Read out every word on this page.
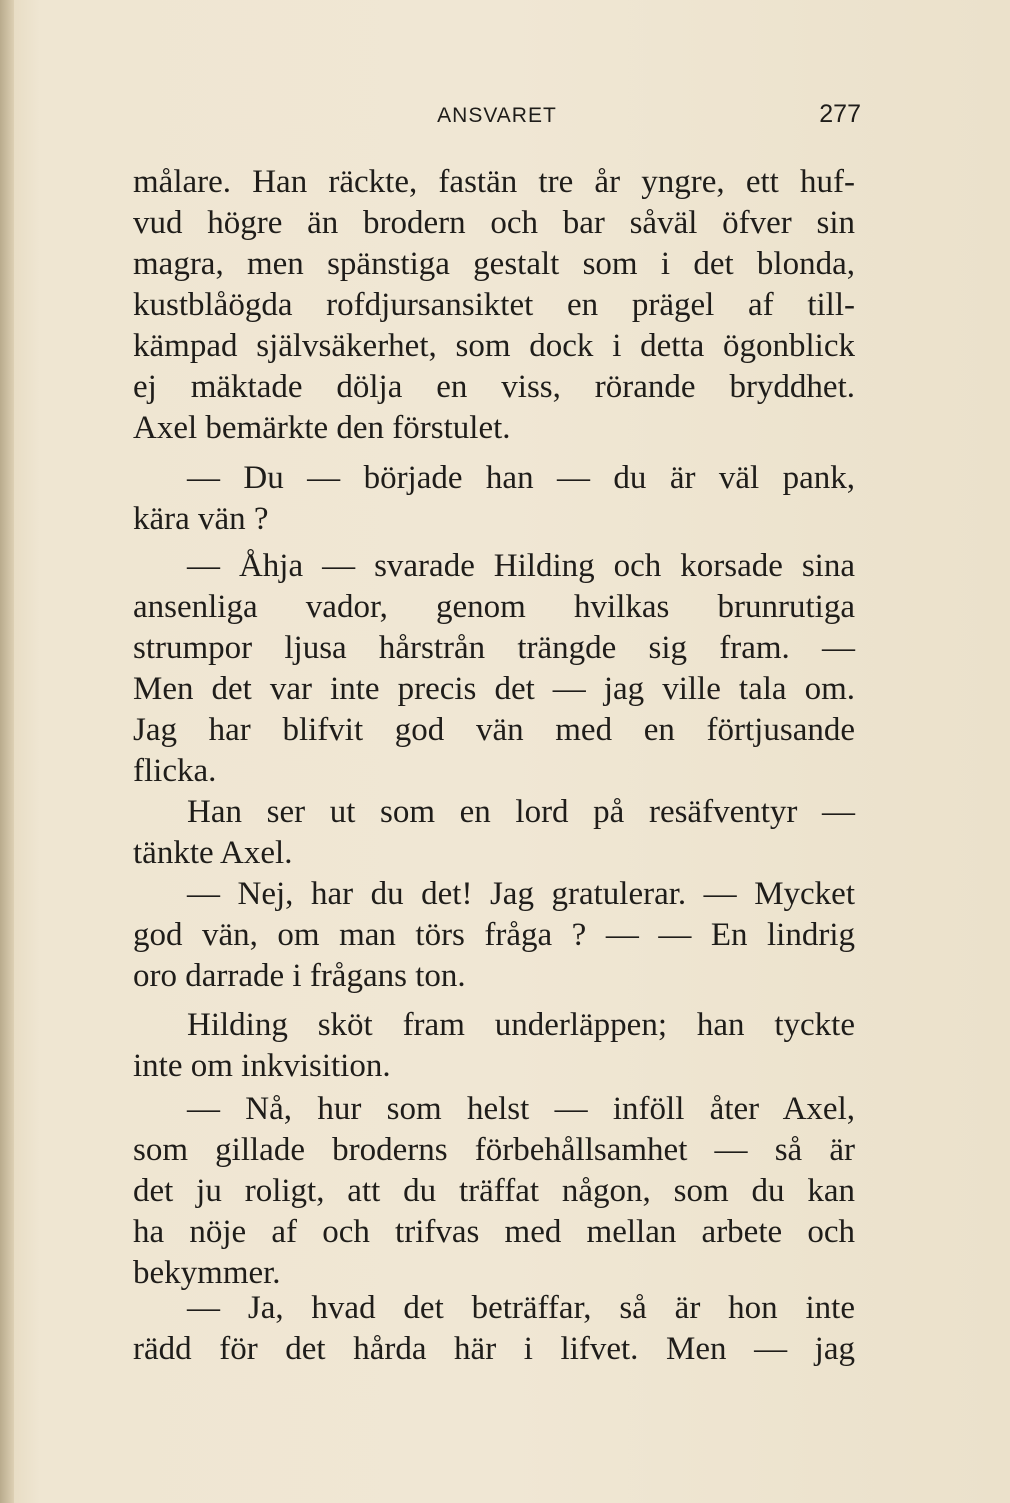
ANSVARET	277
målare. Han räckte, fastän tre år yngre, ett huf-
vud högre än brodern och bar såväl öfver sin
magra, men spänstiga gestalt som i det blonda,
kustblåögda rofdjursansiktet en prägel af till-
kämpad självsäkerhet, som dock i detta ögonblick
ej mäktade dölja en viss, rörande bryddhet.
Axel bemärkte den förstulet.
— Du — började han — du är väl pank,
kära vän ?
— Åhja — svarade Hilding och korsade sina
ansenliga vador, genom hvilkas brunrutiga
strumpor ljusa hårstrån trängde sig fram. —
Men det var inte precis det — jag ville tala om.
Jag har blifvit god vän med en förtjusande
flicka.
Han ser ut som en lord på resäfventyr —
tänkte Axel.
— Nej, har du det! Jag gratulerar. — Mycket
god vän, om man törs fråga ? — — En lindrig
oro darrade i frågans ton.
Hilding sköt fram underläppen; han tyckte
inte om inkvisition.
— Nå, hur som helst — inföll åter Axel,
som gillade broderns förbehållsamhet — så är
det ju roligt, att du träffat någon, som du kan
ha nöje af och trifvas med mellan arbete och
bekymmer.
— Ja, hvad det beträffar, så är hon inte
rädd för det hårda här i lifvet. Men — jag
